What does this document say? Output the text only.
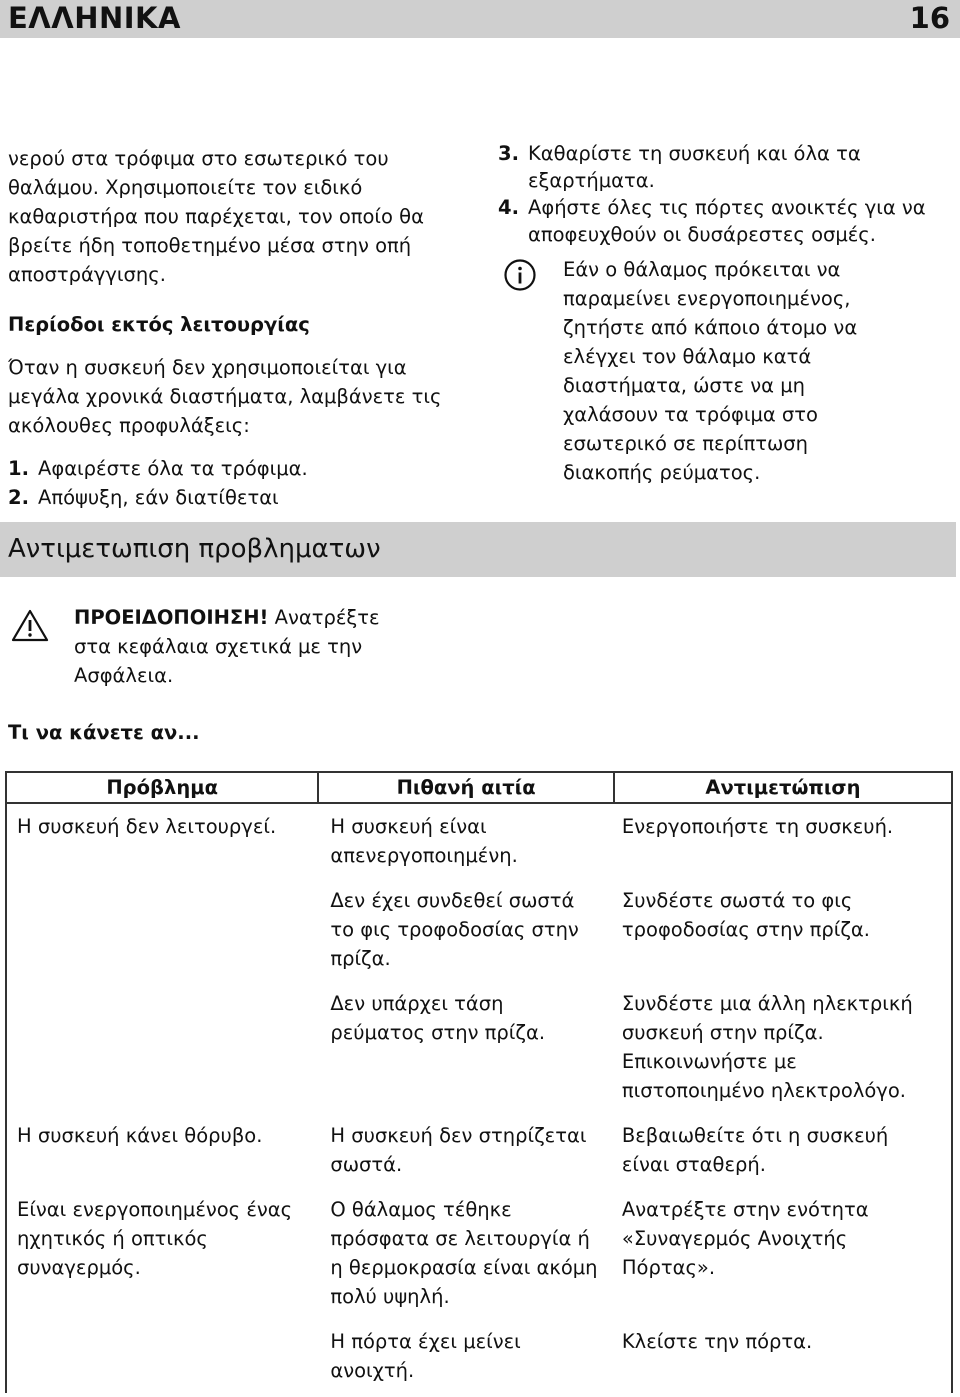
ΕΛΛΗΝΙΚΑ	16

νερού στα τρόφιμα στο εσωτερικό του θαλάμου. Χρησιμοποιείτε τον ειδικό καθαριστήρα που παρέχεται, τον οποίο θα βρείτε ήδη τοποθετημένο μέσα στην οπή αποστράγγισης.

Περίοδοι εκτός λειτουργίας

Όταν η συσκευή δεν χρησιμοποιείται για μεγάλα χρονικά διαστήματα, λαμβάνετε τις ακόλουθες προφυλάξεις:

1. Αφαιρέστε όλα τα τρόφιμα.
2. Απόψυξη, εάν διατίθεται
3. Καθαρίστε τη συσκευή και όλα τα εξαρτήματα.
4. Αφήστε όλες τις πόρτες ανοικτές για να αποφευχθούν οι δυσάρεστες οσμές.
Εάν ο θάλαμος πρόκειται να παραμείνει ενεργοποιημένος, ζητήστε από κάποιο άτομο να ελέγχει τον θάλαμο κατά διαστήματα, ώστε να μη χαλάσουν τα τρόφιμα στο εσωτερικό σε περίπτωση διακοπής ρεύματος.
Αντιμετωπιση προβληματων
ΠΡΟΕΙΔΟΠΟΙΗΣΗ! Ανατρέξτε στα κεφάλαια σχετικά με την Ασφάλεια.
Τι να κάνετε αν...
Πρόβλημα	Πιθανή αιτία	Αντιμετώπιση
Η συσκευή δεν λειτουργεί.	Η συσκευή είναι απενεργοποιημένη.	Ενεργοποιήστε τη συσκευή.
	Δεν έχει συνδεθεί σωστά το φις τροφοδοσίας στην πρίζα.	Συνδέστε σωστά το φις τροφοδοσίας στην πρίζα.
	Δεν υπάρχει τάση ρεύματος στην πρίζα.	Συνδέστε μια άλλη ηλεκτρική συσκευή στην πρίζα. Επικοινωνήστε με πιστοποιημένο ηλεκτρολόγο.
Η συσκευή κάνει θόρυβο.	Η συσκευή δεν στηρίζεται σωστά.	Βεβαιωθείτε ότι η συσκευή είναι σταθερή.
Είναι ενεργοποιημένος ένας ηχητικός ή οπτικός συναγερμός.	Ο θάλαμος τέθηκε πρόσφατα σε λειτουργία ή η θερμοκρασία είναι ακόμη πολύ υψηλή.	Ανατρέξτε στην ενότητα «Συναγερμός Ανοιχτής Πόρτας».
	Η πόρτα έχει μείνει ανοιχτή.	Κλείστε την πόρτα.
